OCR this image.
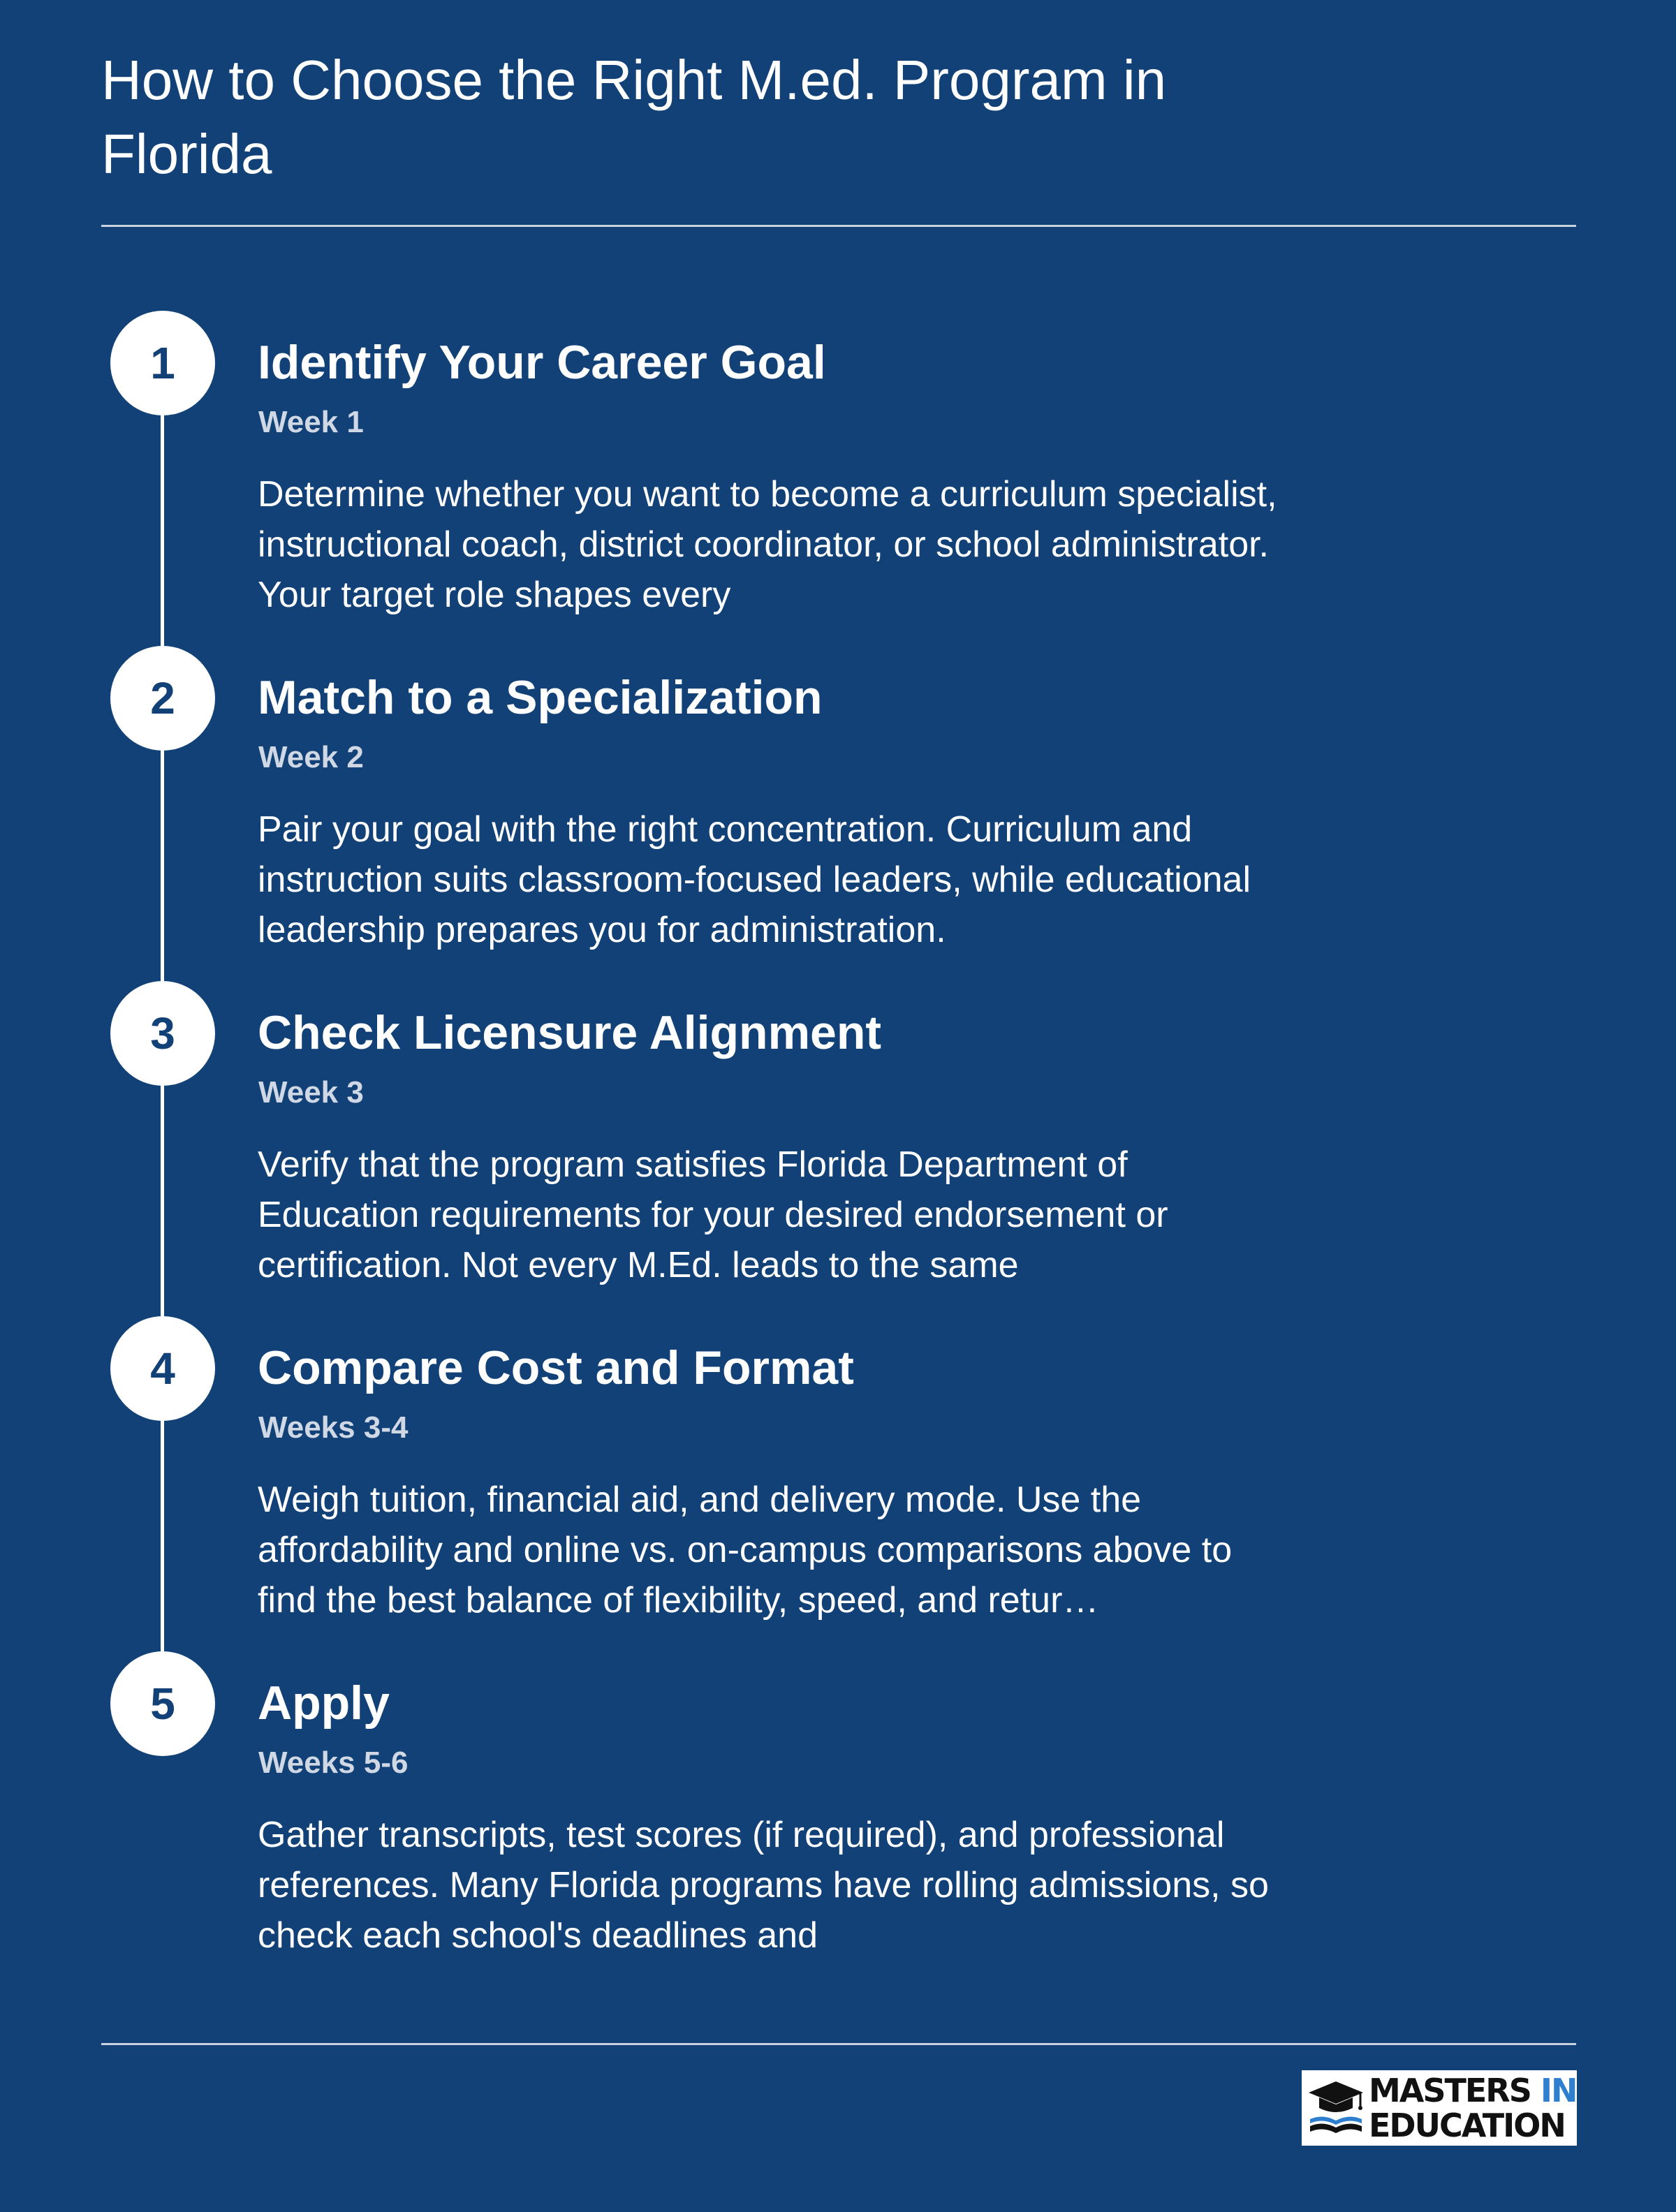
How to Choose the Right M.ed. Program in Florida
1	Identify Your Career Goal
Week 1

Determine whether you want to become a curriculum specialist, instructional coach, district coordinator, or school administrator. Your target role shapes every

2	Match to a Specialization
Week 2

Pair your goal with the right concentration. Curriculum and instruction suits classroom-focused leaders, while educational leadership prepares you for administration.

3	Check Licensure Alignment
Week 3

Verify that the program satisfies Florida Department of Education requirements for your desired endorsement or certification. Not every M.Ed. leads to the same

4	Compare Cost and Format
Weeks 3-4

Weigh tuition, financial aid, and delivery mode. Use the affordability and online vs. on-campus comparisons above to find the best balance of flexibility, speed, and retur…

5	Apply
Weeks 5-6

Gather transcripts, test scores (if required), and professional references. Many Florida programs have rolling admissions, so check each school's deadlines and

MASTERS IN
EDUCATION
